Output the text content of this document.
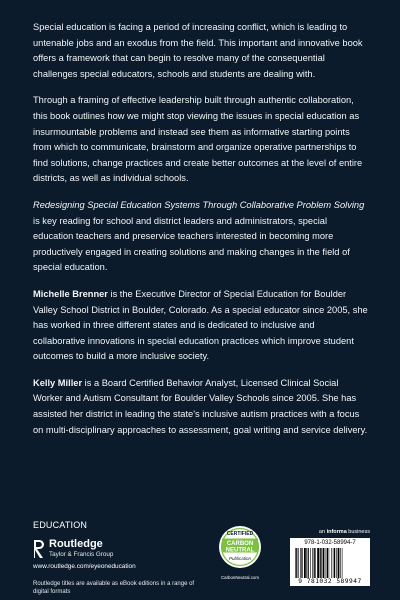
Special education is facing a period of increasing conflict, which is leading to untenable jobs and an exodus from the field. This important and innovative book offers a framework that can begin to resolve many of the consequential challenges special educators, schools and students are dealing with.

Through a framing of effective leadership built through authentic collaboration, this book outlines how we might stop viewing the issues in special education as insurmountable problems and instead see them as informative starting points from which to communicate, brainstorm and organize operative partnerships to find solutions, change practices and create better outcomes at the level of entire districts, as well as individual schools.

Redesigning Special Education Systems Through Collaborative Problem Solving is key reading for school and district leaders and administrators, special education teachers and preservice teachers interested in becoming more productively engaged in creating solutions and making changes in the field of special education.

Michelle Brenner is the Executive Director of Special Education for Boulder Valley School District in Boulder, Colorado. As a special educator since 2005, she has worked in three different states and is dedicated to inclusive and collaborative innovations in special education practices which improve student outcomes to build a more inclusive society.

Kelly Miller is a Board Certified Behavior Analyst, Licensed Clinical Social Worker and Autism Consultant for Boulder Valley Schools since 2005. She has assisted her district in leading the state's inclusive autism practices with a focus on multi-disciplinary approaches to assessment, goal writing and service delivery.

EDUCATION
Routledge
Taylor & Francis Group
www.routledge.com/eyeoneducation
Routledge titles are available as eBook editions in a range of digital formats
CERTIFIED
CARBON
NEUTRAL
Publication
CarbonNeutral.com
an informa business
978-1-032-58994-7
9 781032 589947
